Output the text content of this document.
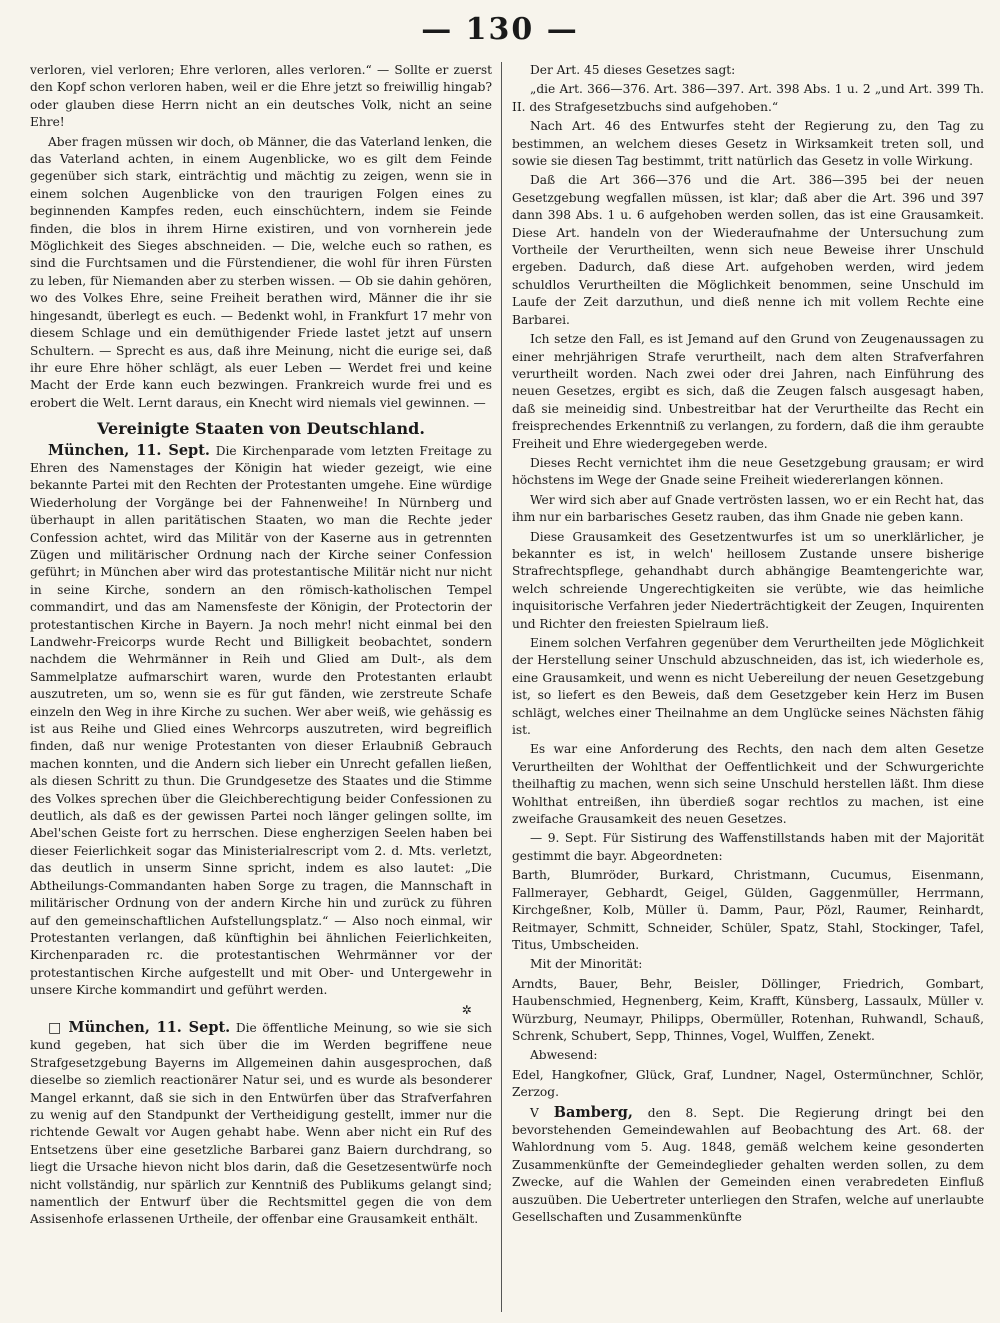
— 130 —

verloren, viel verloren; Ehre verloren, alles verloren.“ — Sollte er zuerst den Kopf schon verloren haben, weil er die Ehre jetzt so freiwillig hingab? oder glauben diese Herrn nicht an ein deutsches Volk, nicht an seine Ehre!

Aber fragen müssen wir doch, ob Männer, die das Vaterland lenken, die das Vaterland achten, in einem Augenblicke, wo es gilt dem Feinde gegenüber sich stark, einträchtig und mächtig zu zeigen, wenn sie in einem solchen Augenblicke von den traurigen Folgen eines zu beginnenden Kampfes reden, euch einschüchtern, indem sie Feinde finden, die blos in ihrem Hirne existiren, und von vornherein jede Möglichkeit des Sieges abschneiden. — Die, welche euch so rathen, es sind die Furchtsamen und die Fürstendiener, die wohl für ihren Fürsten zu leben, für Niemanden aber zu sterben wissen. — Ob sie dahin gehören, wo des Volkes Ehre, seine Freiheit berathen wird, Männer die ihr sie hingesandt, überlegt es euch. — Bedenkt wohl, in Frankfurt 17 mehr von diesem Schlage und ein demüthigender Friede lastet jetzt auf unsern Schultern. — Sprecht es aus, daß ihre Meinung, nicht die eurige sei, daß ihr eure Ehre höher schlägt, als euer Leben — Werdet frei und keine Macht der Erde kann euch bezwingen. Frankreich wurde frei und es erobert die Welt. Lernt daraus, ein Knecht wird niemals viel gewinnen. —

Vereinigte Staaten von Deutschland.

München, 11. Sept. Die Kirchenparade vom letzten Freitage zu Ehren des Namenstages der Königin hat wieder gezeigt, wie eine bekannte Partei mit den Rechten der Protestanten umgehe. Eine würdige Wiederholung der Vorgänge bei der Fahnenweihe! In Nürnberg und überhaupt in allen paritätischen Staaten, wo man die Rechte jeder Confession achtet, wird das Militär von der Kaserne aus in getrennten Zügen und militärischer Ordnung nach der Kirche seiner Confession geführt; in München aber wird das protestantische Militär nicht nur nicht in seine Kirche, sondern an den römisch-katholischen Tempel commandirt, und das am Namensfeste der Königin, der Protectorin der protestantischen Kirche in Bayern. Ja noch mehr! nicht einmal bei den Landwehr-Freicorps wurde Recht und Billigkeit beobachtet, sondern nachdem die Wehrmänner in Reih und Glied am Dult-, als dem Sammelplatze aufmarschirt waren, wurde den Protestanten erlaubt auszutreten, um so, wenn sie es für gut fänden, wie zerstreute Schafe einzeln den Weg in ihre Kirche zu suchen. Wer aber weiß, wie gehässig es ist aus Reihe und Glied eines Wehrcorps auszutreten, wird begreiflich finden, daß nur wenige Protestanten von dieser Erlaubniß Gebrauch machen konnten, und die Andern sich lieber ein Unrecht gefallen ließen, als diesen Schritt zu thun. Die Grundgesetze des Staates und die Stimme des Volkes sprechen über die Gleichberechtigung beider Confessionen zu deutlich, als daß es der gewissen Partei noch länger gelingen sollte, im Abel'schen Geiste fort zu herrschen. Diese engherzigen Seelen haben bei dieser Feierlichkeit sogar das Ministerialrescript vom 2. d. Mts. verletzt, das deutlich in unserm Sinne spricht, indem es also lautet: „Die Abtheilungs-Commandanten haben Sorge zu tragen, die Mannschaft in militärischer Ordnung von der andern Kirche hin und zurück zu führen auf den gemeinschaftlichen Aufstellungsplatz.“ — Also noch einmal, wir Protestanten verlangen, daß künftighin bei ähnlichen Feierlichkeiten, Kirchenparaden rc. die protestantischen Wehrmänner vor der protestantischen Kirche aufgestellt und mit Ober- und Untergewehr in unsere Kirche kommandirt und geführt werden.

✲

□ München, 11. Sept. Die öffentliche Meinung, so wie sie sich kund gegeben, hat sich über die im Werden begriffene neue Strafgesetzgebung Bayerns im Allgemeinen dahin ausgesprochen, daß dieselbe so ziemlich reactionärer Natur sei, und es wurde als besonderer Mangel erkannt, daß sie sich in den Entwürfen über das Strafverfahren zu wenig auf den Standpunkt der Vertheidigung gestellt, immer nur die richtende Gewalt vor Augen gehabt habe. Wenn aber nicht ein Ruf des Entsetzens über eine gesetzliche Barbarei ganz Baiern durchdrang, so liegt die Ursache hievon nicht blos darin, daß die Gesetzesentwürfe noch nicht vollständig, nur spärlich zur Kenntniß des Publikums gelangt sind; namentlich der Entwurf über die Rechtsmittel gegen die von dem Assisenhofe erlassenen Urtheile, der offenbar eine Grausamkeit enthält.

Der Art. 45 dieses Gesetzes sagt:

„die Art. 366—376. Art. 386—397. Art. 398 Abs. 1 u. 2 „und Art. 399 Th. II. des Strafgesetzbuchs sind aufgehoben.“

Nach Art. 46 des Entwurfes steht der Regierung zu, den Tag zu bestimmen, an welchem dieses Gesetz in Wirksamkeit treten soll, und sowie sie diesen Tag bestimmt, tritt natürlich das Gesetz in volle Wirkung.

Daß die Art 366—376 und die Art. 386—395 bei der neuen Gesetzgebung wegfallen müssen, ist klar; daß aber die Art. 396 und 397 dann 398 Abs. 1 u. 6 aufgehoben werden sollen, das ist eine Grausamkeit. Diese Art. handeln von der Wiederaufnahme der Untersuchung zum Vortheile der Verurtheilten, wenn sich neue Beweise ihrer Unschuld ergeben. Dadurch, daß diese Art. aufgehoben werden, wird jedem schuldlos Verurtheilten die Möglichkeit benommen, seine Unschuld im Laufe der Zeit darzuthun, und dieß nenne ich mit vollem Rechte eine Barbarei.

Ich setze den Fall, es ist Jemand auf den Grund von Zeugenaussagen zu einer mehrjährigen Strafe verurtheilt, nach dem alten Strafverfahren verurtheilt worden. Nach zwei oder drei Jahren, nach Einführung des neuen Gesetzes, ergibt es sich, daß die Zeugen falsch ausgesagt haben, daß sie meineidig sind. Unbestreitbar hat der Verurtheilte das Recht ein freisprechendes Erkenntniß zu verlangen, zu fordern, daß die ihm geraubte Freiheit und Ehre wiedergegeben werde.

Dieses Recht vernichtet ihm die neue Gesetzgebung grausam; er wird höchstens im Wege der Gnade seine Freiheit wiedererlangen können.

Wer wird sich aber auf Gnade vertrösten lassen, wo er ein Recht hat, das ihm nur ein barbarisches Gesetz rauben, das ihm Gnade nie geben kann.

Diese Grausamkeit des Gesetzentwurfes ist um so unerklärlicher, je bekannter es ist, in welch' heillosem Zustande unsere bisherige Strafrechtspflege, gehandhabt durch abhängige Beamtengerichte war, welch schreiende Ungerechtigkeiten sie verübte, wie das heimliche inquisitorische Verfahren jeder Niederträchtigkeit der Zeugen, Inquirenten und Richter den freiesten Spielraum ließ.

Einem solchen Verfahren gegenüber dem Verurtheilten jede Möglichkeit der Herstellung seiner Unschuld abzuschneiden, das ist, ich wiederhole es, eine Grausamkeit, und wenn es nicht Uebereilung der neuen Gesetzgebung ist, so liefert es den Beweis, daß dem Gesetzgeber kein Herz im Busen schlägt, welches einer Theilnahme an dem Unglücke seines Nächsten fähig ist.

Es war eine Anforderung des Rechts, den nach dem alten Gesetze Verurtheilten der Wohlthat der Oeffentlichkeit und der Schwurgerichte theilhaftig zu machen, wenn sich seine Unschuld herstellen läßt. Ihm diese Wohlthat entreißen, ihn überdieß sogar rechtlos zu machen, ist eine zweifache Grausamkeit des neuen Gesetzes.

— 9. Sept. Für Sistirung des Waffenstillstands haben mit der Majorität gestimmt die bayr. Abgeordneten:

Barth, Blumröder, Burkard, Christmann, Cucumus, Eisenmann, Fallmerayer, Gebhardt, Geigel, Gülden, Gaggenmüller, Herrmann, Kirchgeßner, Kolb, Müller ü. Damm, Paur, Pözl, Raumer, Reinhardt, Reitmayer, Schmitt, Schneider, Schüler, Spatz, Stahl, Stockinger, Tafel, Titus, Umbscheiden.

Mit der Minorität:

Arndts, Bauer, Behr, Beisler, Döllinger, Friedrich, Gombart, Haubenschmied, Hegnenberg, Keim, Krafft, Künsberg, Lassaulx, Müller v. Würzburg, Neumayr, Philipps, Obermüller, Rotenhan, Ruhwandl, Schauß, Schrenk, Schubert, Sepp, Thinnes, Vogel, Wulffen, Zenekt.

Abwesend:

Edel, Hangkofner, Glück, Graf, Lundner, Nagel, Ostermünchner, Schlör, Zerzog.

V Bamberg, den 8. Sept. Die Regierung dringt bei den bevorstehenden Gemeindewahlen auf Beobachtung des Art. 68. der Wahlordnung vom 5. Aug. 1848, gemäß welchem keine gesonderten Zusammenkünfte der Gemeindeglieder gehalten werden sollen, zu dem Zwecke, auf die Wahlen der Gemeinden einen verabredeten Einfluß auszuüben. Die Uebertreter unterliegen den Strafen, welche auf unerlaubte Gesellschaften und Zusammenkünfte
